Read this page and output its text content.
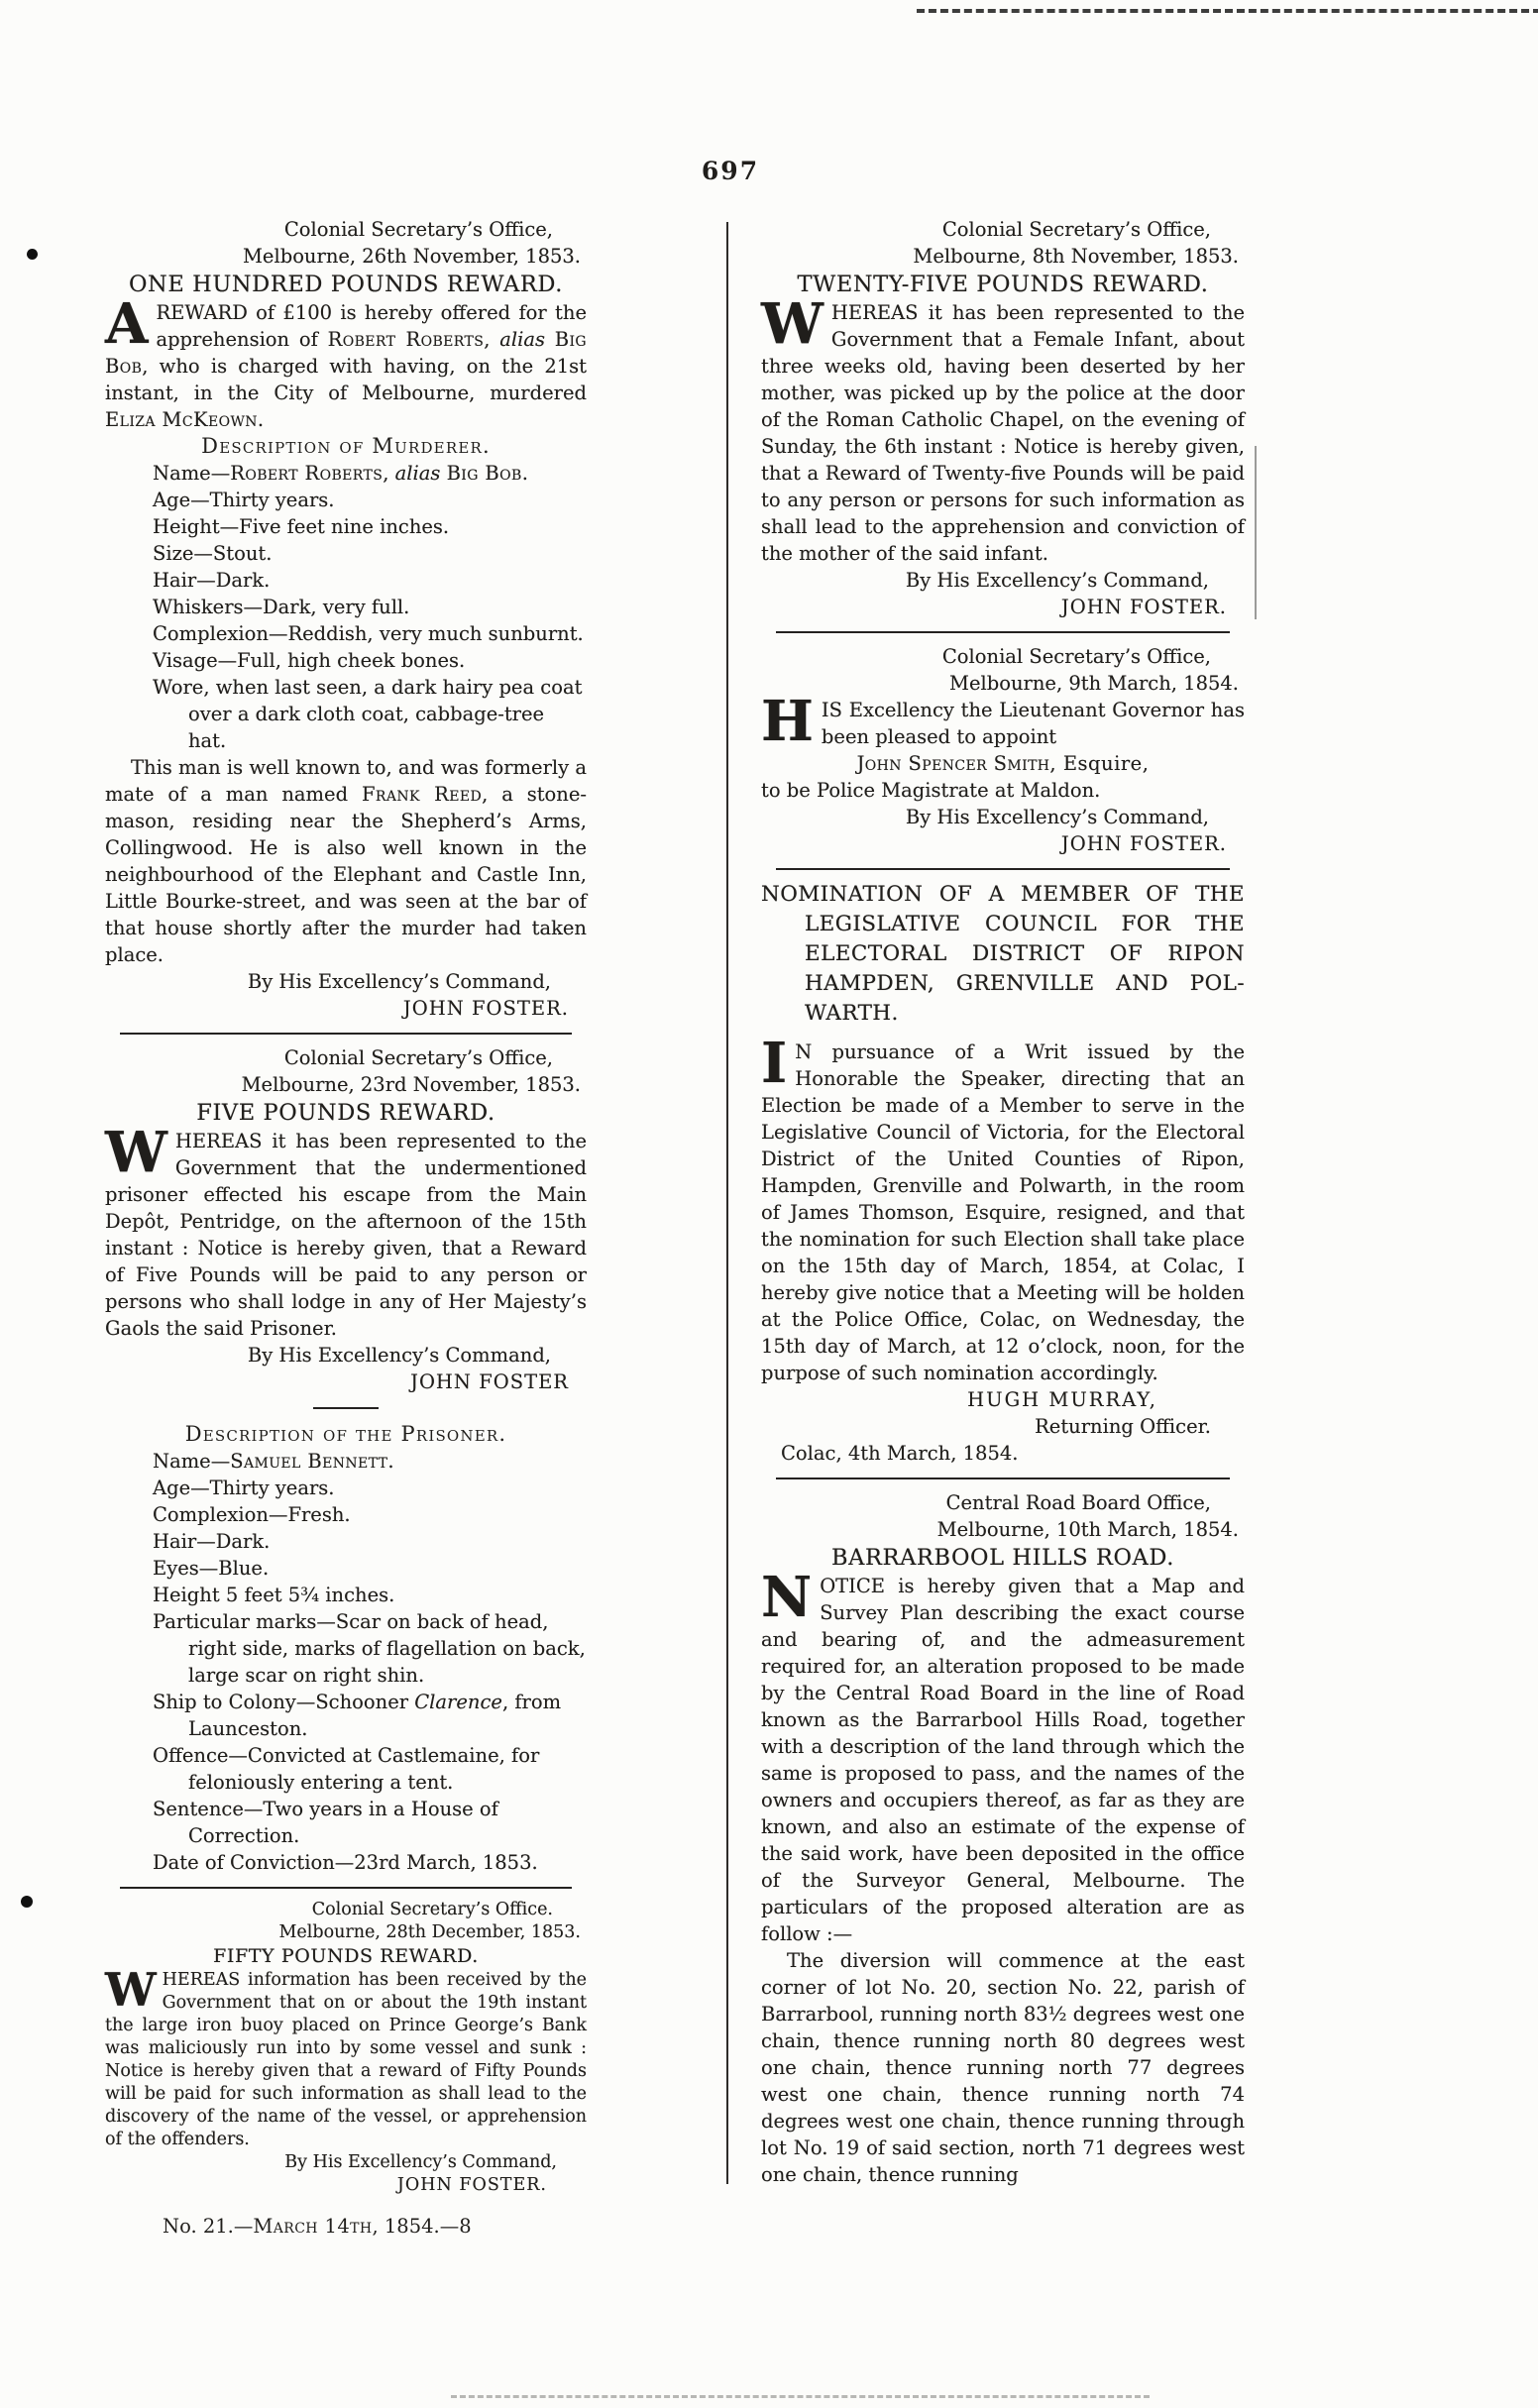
697

Colonial Secretary’s Office,

Melbourne, 26th November, 1853.

ONE HUNDRED POUNDS REWARD.

AREWARD of £100 is hereby offered for the apprehension of Robert Roberts, alias Big Bob, who is charged with having, on the 21st instant, in the City of Melbourne, murdered Eliza McKeown.

Description of Murderer.

Name—Robert Roberts, alias Big Bob.

Age—Thirty years.

Height—Five feet nine inches.

Size—Stout.

Hair—Dark.

Whiskers—Dark, very full.

Complexion—Reddish, very much sunburnt.

Visage—Full, high cheek bones.

Wore, when last seen, a dark hairy pea coat over a dark cloth coat, cabbage-tree hat.

This man is well known to, and was formerly a mate of a man named Frank Reed, a stone-mason, residing near the Shepherd’s Arms, Collingwood. He is also well known in the neighbourhood of the Elephant and Castle Inn, Little Bourke-street, and was seen at the bar of that house shortly after the murder had taken place.

By His Excellency’s Command,

JOHN FOSTER.

Colonial Secretary’s Office,

Melbourne, 23rd November, 1853.

FIVE POUNDS REWARD.

WHEREAS it has been represented to the Government that the undermentioned prisoner effected his escape from the Main Depôt, Pentridge, on the afternoon of the 15th instant : Notice is hereby given, that a Reward of Five Pounds will be paid to any person or persons who shall lodge in any of Her Majesty’s Gaols the said Prisoner.

By His Excellency’s Command,

JOHN FOSTER

Description of the Prisoner.

Name—Samuel Bennett.

Age—Thirty years.

Complexion—Fresh.

Hair—Dark.

Eyes—Blue.

Height 5 feet 5¾ inches.

Particular marks—Scar on back of head, right side, marks of flagellation on back, large scar on right shin.

Ship to Colony—Schooner Clarence, from Launceston.

Offence—Convicted at Castlemaine, for feloniously entering a tent.

Sentence—Two years in a House of Correction.

Date of Conviction—23rd March, 1853.

Colonial Secretary’s Office.

Melbourne, 28th December, 1853.

FIFTY POUNDS REWARD.

WHEREAS information has been received by the Government that on or about the 19th instant the large iron buoy placed on Prince George’s Bank was maliciously run into by some vessel and sunk : Notice is hereby given that a reward of Fifty Pounds will be paid for such information as shall lead to the discovery of the name of the vessel, or apprehension of the offenders.

By His Excellency’s Command,

JOHN FOSTER.

No. 21.—March 14th, 1854.—8

Colonial Secretary’s Office,

Melbourne, 8th November, 1853.

TWENTY-FIVE POUNDS REWARD.

WHEREAS it has been represented to the Government that a Female Infant, about three weeks old, having been deserted by her mother, was picked up by the police at the door of the Roman Catholic Chapel, on the evening of Sunday, the 6th instant : Notice is hereby given, that a Reward of Twenty-five Pounds will be paid to any person or persons for such information as shall lead to the apprehension and conviction of the mother of the said infant.

By His Excellency’s Command,

JOHN FOSTER.

Colonial Secretary’s Office,

Melbourne, 9th March, 1854.

HIS Excellency the Lieutenant Governor has been pleased to appoint

John Spencer Smith, Esquire,

to be Police Magistrate at Maldon.

By His Excellency’s Command,

JOHN FOSTER.

NOMINATION OF A MEMBER OF THE
LEGISLATIVE COUNCIL FOR THE
ELECTORAL DISTRICT OF RIPON
HAMPDEN, GRENVILLE AND POL-
WARTH.

I N pursuance of a Writ issued by the Honorable the Speaker, directing that an Election be made of a Member to serve in the Legislative Council of Victoria, for the Electoral District of the United Counties of Ripon, Hampden, Grenville and Polwarth, in the room of James Thomson, Esquire, resigned, and that the nomination for such Election shall take place on the 15th day of March, 1854, at Colac, I hereby give notice that a Meeting will be holden at the Police Office, Colac, on Wednesday, the 15th day of March, at 12 o’clock, noon, for the purpose of such nomination accordingly.

HUGH MURRAY,

Returning Officer.

Colac, 4th March, 1854.

Central Road Board Office,

Melbourne, 10th March, 1854.

BARRARBOOL HILLS ROAD.

NOTICE is hereby given that a Map and Survey Plan describing the exact course and bearing of, and the admeasurement required for, an alteration proposed to be made by the Central Road Board in the line of Road known as the Barrarbool Hills Road, together with a description of the land through which the same is proposed to pass, and the names of the owners and occupiers thereof, as far as they are known, and also an estimate of the expense of the said work, have been deposited in the office of the Surveyor General, Melbourne. The particulars of the proposed alteration are as follow :—

The diversion will commence at the east corner of lot No. 20, section No. 22, parish of Barrarbool, running north 83½ degrees west one chain, thence running north 80 degrees west one chain, thence running north 77 degrees west one chain, thence running north 74 degrees west one chain, thence running through lot No. 19 of said section, north 71 degrees west one chain, thence running
